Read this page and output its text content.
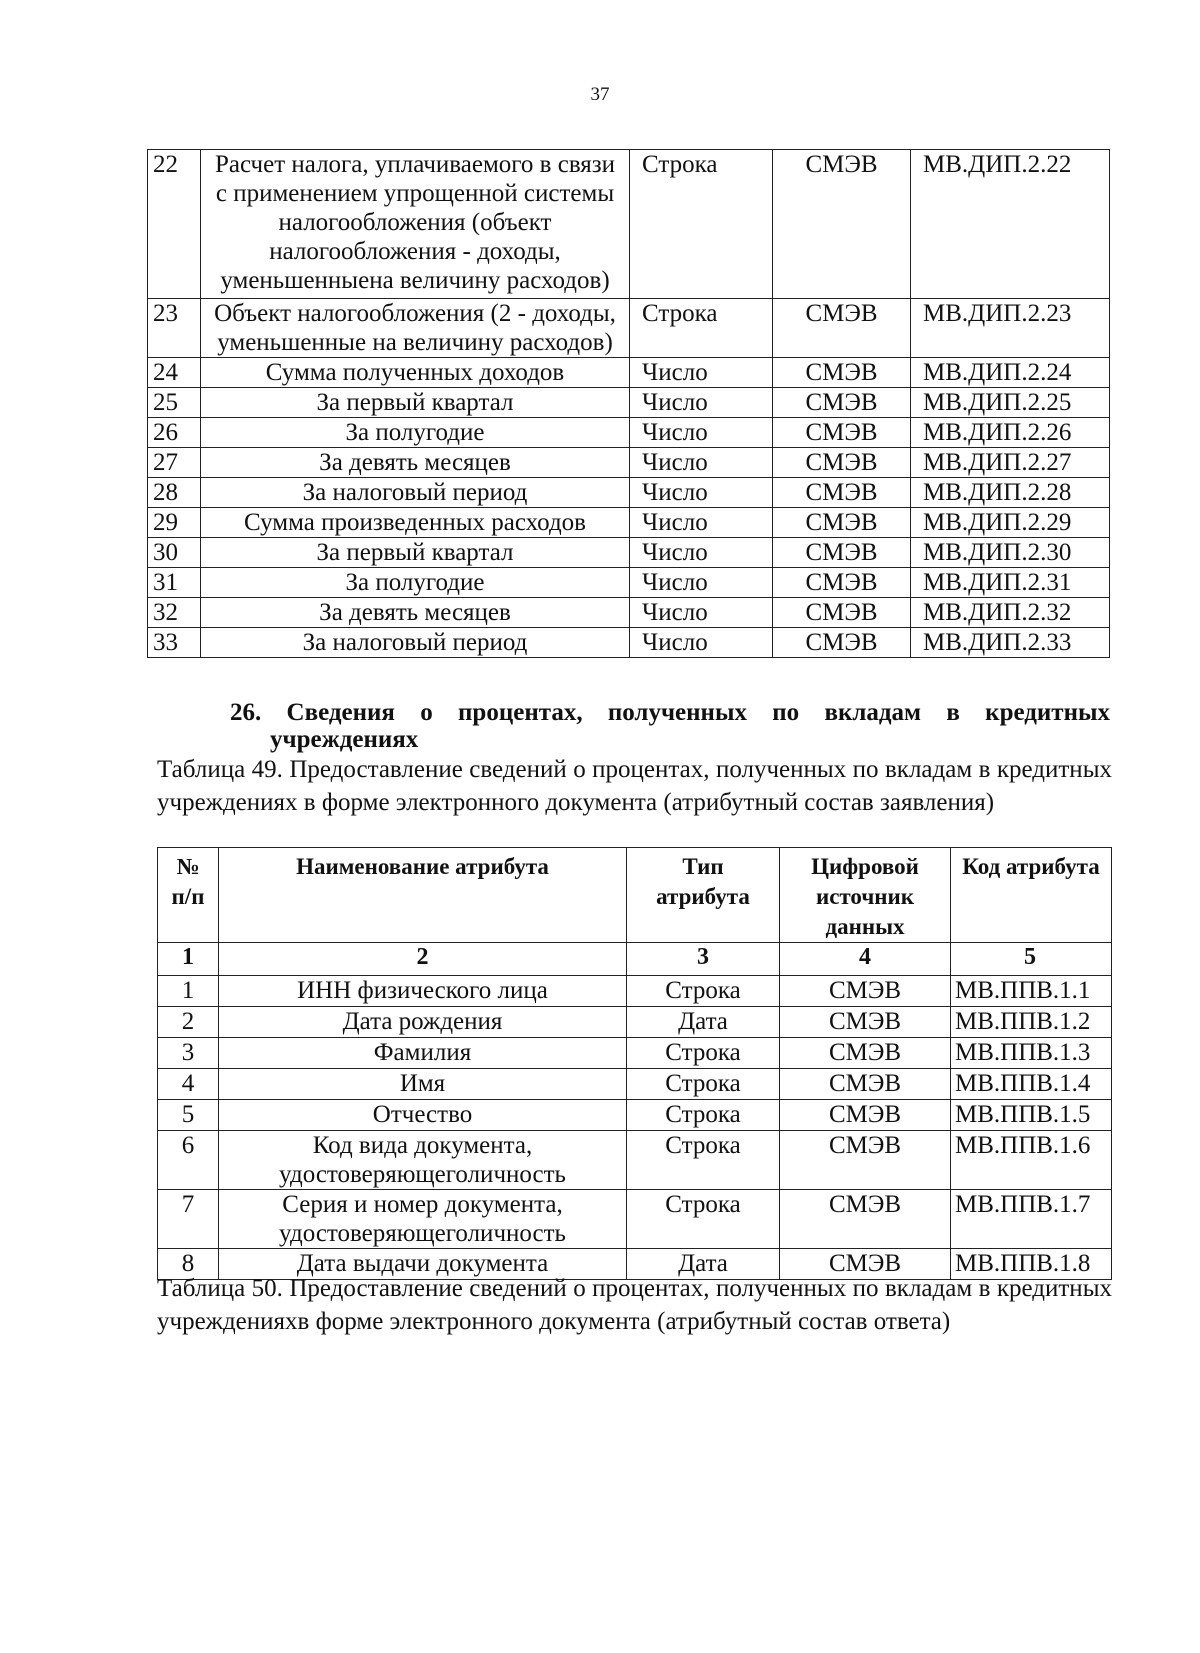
37
22	Расчет налога, уплачиваемого в связи с применением упрощенной системы налогообложения (объект налогообложения - доходы, уменьшенныена величину расходов)	Строка	СМЭВ	МВ.ДИП.2.22
23	Объект налогообложения (2 - доходы, уменьшенные на величину расходов)	Строка	СМЭВ	МВ.ДИП.2.23
24	Сумма полученных доходов	Число	СМЭВ	МВ.ДИП.2.24
25	За первый квартал	Число	СМЭВ	МВ.ДИП.2.25
26	За полугодие	Число	СМЭВ	МВ.ДИП.2.26
27	За девять месяцев	Число	СМЭВ	МВ.ДИП.2.27
28	За налоговый период	Число	СМЭВ	МВ.ДИП.2.28
29	Сумма произведенных расходов	Число	СМЭВ	МВ.ДИП.2.29
30	За первый квартал	Число	СМЭВ	МВ.ДИП.2.30
31	За полугодие	Число	СМЭВ	МВ.ДИП.2.31
32	За девять месяцев	Число	СМЭВ	МВ.ДИП.2.32
33	За налоговый период	Число	СМЭВ	МВ.ДИП.2.33
26. Сведения о процентах, полученных по вкладам в кредитных
учреждениях
Таблица 49. Предоставление сведений о процентах, полученных по вкладам в кредитных учреждениях в форме электронного документа (атрибутный состав заявления)
№ п/п	Наименование атрибута	Тип атрибута	Цифровой источник данных	Код атрибута
1	2	3	4	5
1	ИНН физического лица	Строка	СМЭВ	МВ.ППВ.1.1
2	Дата рождения	Дата	СМЭВ	МВ.ППВ.1.2
3	Фамилия	Строка	СМЭВ	МВ.ППВ.1.3
4	Имя	Строка	СМЭВ	МВ.ППВ.1.4
5	Отчество	Строка	СМЭВ	МВ.ППВ.1.5
6	Код вида документа, удостоверяющеголичность	Строка	СМЭВ	МВ.ППВ.1.6
7	Серия и номер документа, удостоверяющеголичность	Строка	СМЭВ	МВ.ППВ.1.7
8	Дата выдачи документа	Дата	СМЭВ	МВ.ППВ.1.8
Таблица 50. Предоставление сведений о процентах, полученных по вкладам в кредитных учрежденияхв форме электронного документа (атрибутный состав ответа)
